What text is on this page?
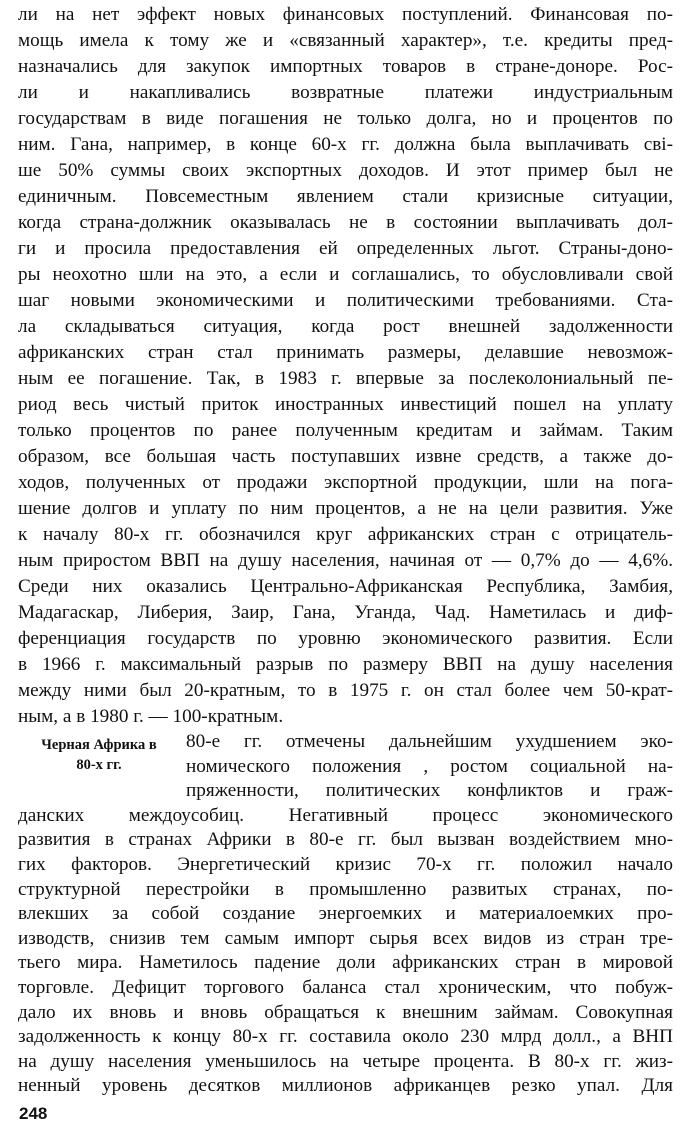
ли на нет эффект новых финансовых поступлений. Финансовая по-
мощь имела к тому же и «связанный характер», т.е. кредиты пред-
назначались для закупок импортных товаров в стране-доноре. Рос-
ли и накапливались возвратные платежи индустриальным
государствам в виде погашения не только долга, но и процентов по
ним. Гана, например, в конце 60-х гг. должна была выплачивать сві-
ше 50% суммы своих экспортных доходов. И этот пример был не
единичным. Повсеместным явлением стали кризисные ситуации,
когда страна-должник оказывалась не в состоянии выплачивать дол-
ги и просила предоставления ей определенных льгот. Страны-доно-
ры неохотно шли на это, а если и соглашались, то обусловливали свой
шаг новыми экономическими и политическими требованиями. Ста-
ла складываться ситуация, когда рост внешней задолженности
африканских стран стал принимать размеры, делавшие невозмож-
ным ее погашение. Так, в 1983 г. впервые за послеколониальный пе-
риод весь чистый приток иностранных инвестиций пошел на уплату
только процентов по ранее полученным кредитам и займам. Таким
образом, все большая часть поступавших извне средств, а также до-
ходов, полученных от продажи экспортной продукции, шли на пога-
шение долгов и уплату по ним процентов, а не на цели развития. Уже
к началу 80-х гг. обозначился круг африканских стран с отрицатель-
ным приростом ВВП на душу населения, начиная от — 0,7% до — 4,6%.
Среди них оказались Центрально-Африканская Республика, Замбия,
Мадагаскар, Либерия, Заир, Гана, Уганда, Чад. Наметилась и диф-
ференциация государств по уровню экономического развития. Если
в 1966 г. максимальный разрыв по размеру ВВП на душу населения
между ними был 20-кратным, то в 1975 г. он стал более чем 50-крат-
ным, а в 1980 г. — 100-кратным.
Черная Африка в
80-х гг.
80-е гг. отмечены дальнейшим ухудшением эко-
номического положения , ростом социальной на-
пряженности, политических конфликтов и граж-
данских междоусобиц. Негативный процесс экономического
развития в странах Африки в 80-е гг. был вызван воздействием мно-
гих факторов. Энергетический кризис 70-х гг. положил начало
структурной перестройки в промышленно развитых странах, по-
влекших за собой создание энергоемких и материалоемких про-
изводств, снизив тем самым импорт сырья всех видов из стран тре-
тьего мира. Наметилось падение доли африканских стран в мировой
торговле. Дефицит торгового баланса стал хроническим, что побуж-
дало их вновь и вновь обращаться к внешним займам. Совокупная
задолженность к концу 80-х гг. составила около 230 млрд долл., а ВНП
на душу населения уменьшилось на четыре процента. В 80-х гг. жиз-
248
ненный уровень десятков миллионов африканцев резко упал. Для
